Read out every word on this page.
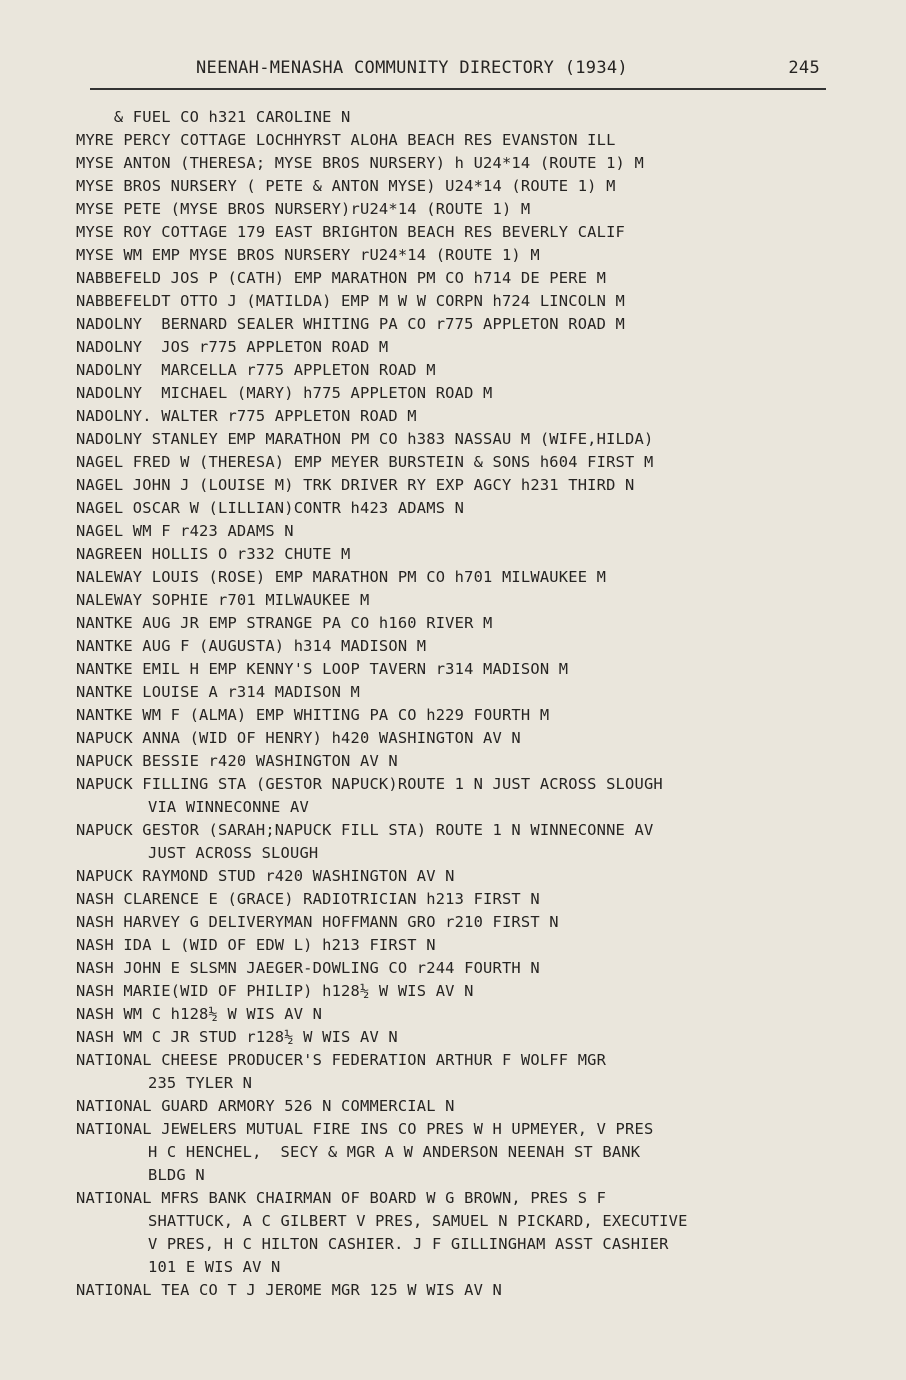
NEENAH-MENASHA COMMUNITY DIRECTORY (1934)	245
& FUEL CO h321 CAROLINE N
MYRE PERCY COTTAGE LOCHHYRST ALOHA BEACH RES EVANSTON ILL
MYSE ANTON (THERESA; MYSE BROS NURSERY) h U24*14 (ROUTE 1) M
MYSE BROS NURSERY ( PETE & ANTON MYSE) U24*14 (ROUTE 1) M
MYSE PETE (MYSE BROS NURSERY)rU24*14 (ROUTE 1) M
MYSE ROY COTTAGE 179 EAST BRIGHTON BEACH RES BEVERLY CALIF
MYSE WM EMP MYSE BROS NURSERY rU24*14 (ROUTE 1) M
NABBEFELD JOS P (CATH) EMP MARATHON PM CO h714 DE PERE M
NABBEFELDT OTTO J (MATILDA) EMP M W W CORPN h724 LINCOLN M
NADOLNY  BERNARD SEALER WHITING PA CO r775 APPLETON ROAD M
NADOLNY  JOS r775 APPLETON ROAD M
NADOLNY  MARCELLA r775 APPLETON ROAD M
NADOLNY  MICHAEL (MARY) h775 APPLETON ROAD M
NADOLNY. WALTER r775 APPLETON ROAD M
NADOLNY STANLEY EMP MARATHON PM CO h383 NASSAU M (WIFE,HILDA)
NAGEL FRED W (THERESA) EMP MEYER BURSTEIN & SONS h604 FIRST M
NAGEL JOHN J (LOUISE M) TRK DRIVER RY EXP AGCY h231 THIRD N
NAGEL OSCAR W (LILLIAN)CONTR h423 ADAMS N
NAGEL WM F r423 ADAMS N
NAGREEN HOLLIS O r332 CHUTE M
NALEWAY LOUIS (ROSE) EMP MARATHON PM CO h701 MILWAUKEE M
NALEWAY SOPHIE r701 MILWAUKEE M
NANTKE AUG JR EMP STRANGE PA CO h160 RIVER M
NANTKE AUG F (AUGUSTA) h314 MADISON M
NANTKE EMIL H EMP KENNY'S LOOP TAVERN r314 MADISON M
NANTKE LOUISE A r314 MADISON M
NANTKE WM F (ALMA) EMP WHITING PA CO h229 FOURTH M
NAPUCK ANNA (WID OF HENRY) h420 WASHINGTON AV N
NAPUCK BESSIE r420 WASHINGTON AV N
NAPUCK FILLING STA (GESTOR NAPUCK)ROUTE 1 N JUST ACROSS SLOUGH
VIA WINNECONNE AV
NAPUCK GESTOR (SARAH;NAPUCK FILL STA) ROUTE 1 N WINNECONNE AV
JUST ACROSS SLOUGH
NAPUCK RAYMOND STUD r420 WASHINGTON AV N
NASH CLARENCE E (GRACE) RADIOTRICIAN h213 FIRST N
NASH HARVEY G DELIVERYMAN HOFFMANN GRO r210 FIRST N
NASH IDA L (WID OF EDW L) h213 FIRST N
NASH JOHN E SLSMN JAEGER-DOWLING CO r244 FOURTH N
NASH MARIE(WID OF PHILIP) h128½ W WIS AV N
NASH WM C h128½ W WIS AV N
NASH WM C JR STUD r128½ W WIS AV N
NATIONAL CHEESE PRODUCER'S FEDERATION ARTHUR F WOLFF MGR
235 TYLER N
NATIONAL GUARD ARMORY 526 N COMMERCIAL N
NATIONAL JEWELERS MUTUAL FIRE INS CO PRES W H UPMEYER, V PRES
H C HENCHEL,  SECY & MGR A W ANDERSON NEENAH ST BANK
BLDG N
NATIONAL MFRS BANK CHAIRMAN OF BOARD W G BROWN, PRES S F
SHATTUCK, A C GILBERT V PRES, SAMUEL N PICKARD, EXECUTIVE
V PRES, H C HILTON CASHIER. J F GILLINGHAM ASST CASHIER
101 E WIS AV N
NATIONAL TEA CO T J JEROME MGR 125 W WIS AV N
